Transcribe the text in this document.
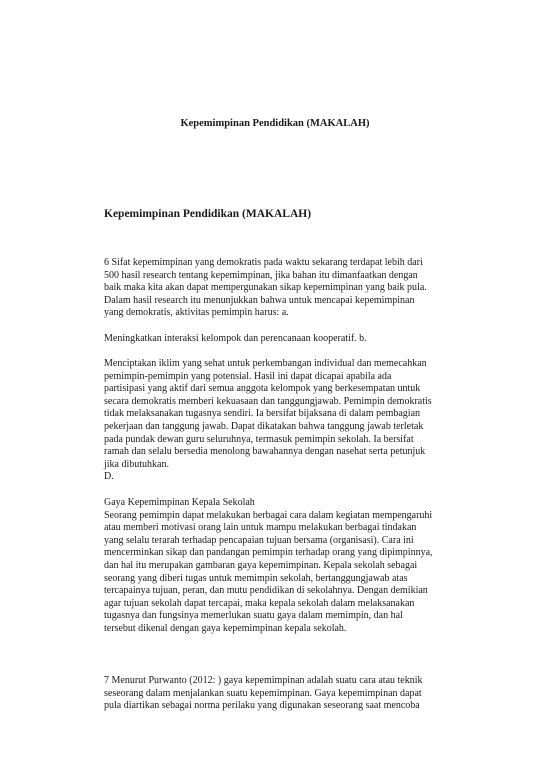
Kepemimpinan Pendidikan (MAKALAH)
Kepemimpinan Pendidikan (MAKALAH)
6 Sifat kepemimpinan yang demokratis pada waktu sekarang terdapat lebih dari
500 hasil research tentang kepemimpinan, jika bahan itu dimanfaatkan dengan
baik maka kita akan dapat mempergunakan sikap kepemimpinan yang baik pula.
Dalam hasil research itu menunjukkan bahwa untuk mencapai kepemimpinan
yang demokratis, aktivitas pemimpin harus: a.
Meningkatkan interaksi kelompok dan perencanaan kooperatif. b.
Menciptakan iklim yang sehat untuk perkembangan individual dan memecahkan
pemimpin-pemimpin yang potensial. Hasil ini dapat dicapai apabila ada
partisipasi yang aktif dari semua anggota kelompok yang berkesempatan untuk
secara demokratis memberi kekuasaan dan tanggungjawab. Pemimpin demokratis
tidak melaksanakan tugasnya sendiri. Ia bersifat bijaksana di dalam pembagian
pekerjaan dan tanggung jawab. Dapat dikatakan bahwa tanggung jawab terletak
pada pundak dewan guru seluruhnya, termasuk pemimpin sekolah. Ia bersifat
ramah dan selalu bersedia menolong bawahannya dengan nasehat serta petunjuk
jika dibutuhkan.
D.
Gaya Kepemimpinan Kepala Sekolah
Seorang pemimpin dapat melakukan berbagai cara dalam kegiatan mempengaruhi
atau memberi motivasi orang lain untuk mampu melakukan berbagai tindakan
yang selalu terarah terhadap pencapaian tujuan bersama (organisasi). Cara ini
mencerminkan sikap dan pandangan pemimpin terhadap orang yang dipimpinnya,
dan hal itu merupakan gambaran gaya kepemimpinan. Kepala sekolah sebagai
seorang yang diberi tugas untuk memimpin sekolah, bertanggungjawab atas
tercapainya tujuan, peran, dan mutu pendidikan di sekolahnya. Dengan demikian
agar tujuan sekolah dapat tercapai, maka kepala sekolah dalam melaksanakan
tugasnya dan fungsinya memerlukan suatu gaya dalam memimpin, dan hal
tersebut dikenal dengan gaya kepemimpinan kepala sekolah.
7 Menurut Purwanto (2012: ) gaya kepemimpinan adalah suatu cara atau teknik
seseorang dalam menjalankan suatu kepemimpinan. Gaya kepemimpinan dapat
pula diartikan sebagai norma perilaku yang digunakan seseorang saat mencoba
